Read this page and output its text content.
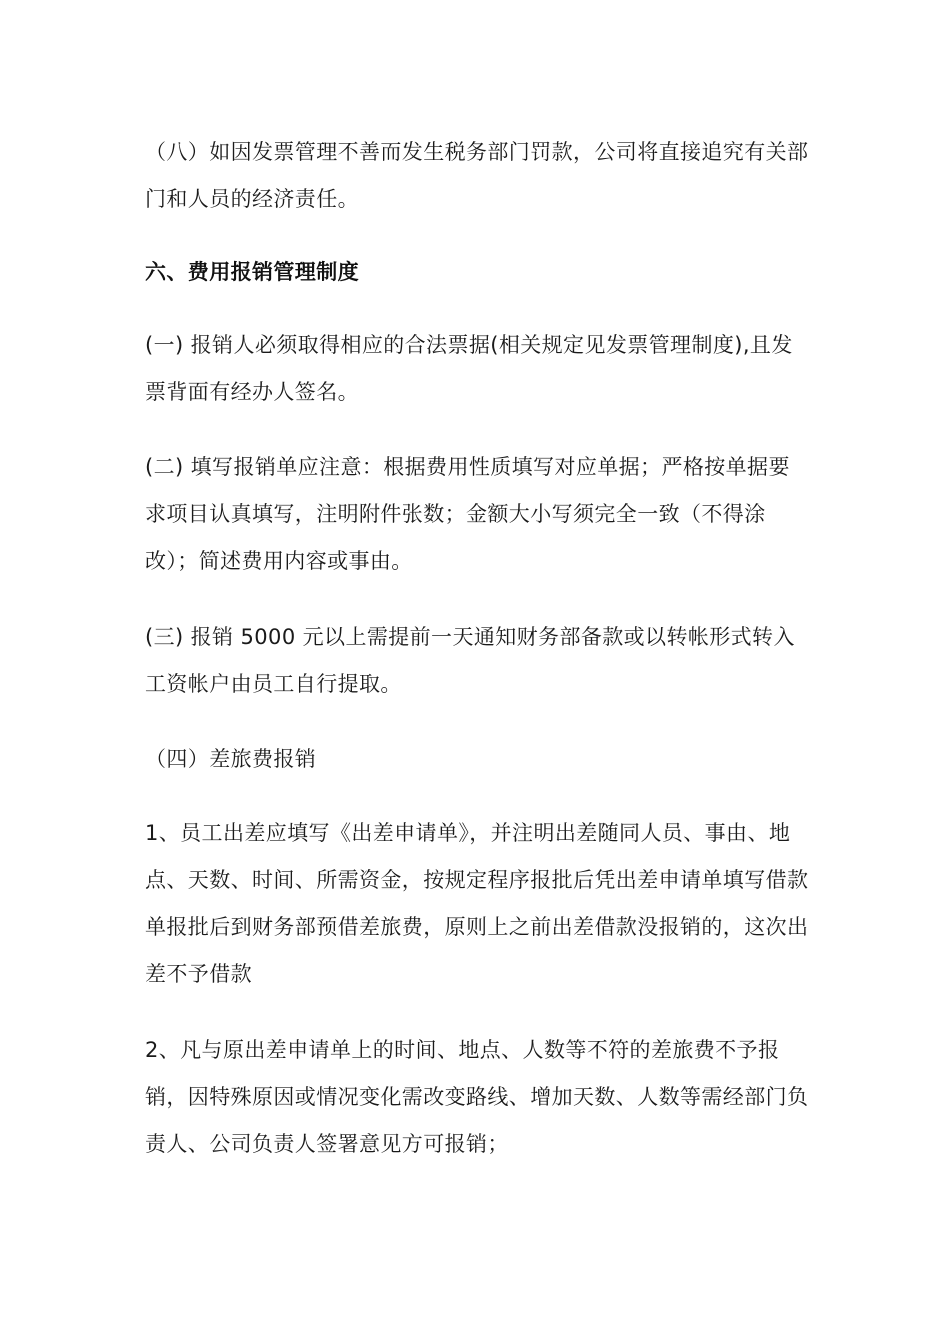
（八）如因发票管理不善而发生税务部门罚款，公司将直接追究有关部门和人员的经济责任。

六、费用报销管理制度

(一) 报销人必须取得相应的合法票据(相关规定见发票管理制度),且发票背面有经办人签名。

(二) 填写报销单应注意：根据费用性质填写对应单据；严格按单据要求项目认真填写，注明附件张数；金额大小写须完全一致（不得涂改）；简述费用内容或事由。

(三) 报销 5000 元以上需提前一天通知财务部备款或以转帐形式转入工资帐户由员工自行提取。

（四）差旅费报销

1、员工出差应填写《出差申请单》，并注明出差随同人员、事由、地点、天数、时间、所需资金，按规定程序报批后凭出差申请单填写借款单报批后到财务部预借差旅费，原则上之前出差借款没报销的，这次出差不予借款

2、凡与原出差申请单上的时间、地点、人数等不符的差旅费不予报销，因特殊原因或情况变化需改变路线、增加天数、人数等需经部门负责人、公司负责人签署意见方可报销；
